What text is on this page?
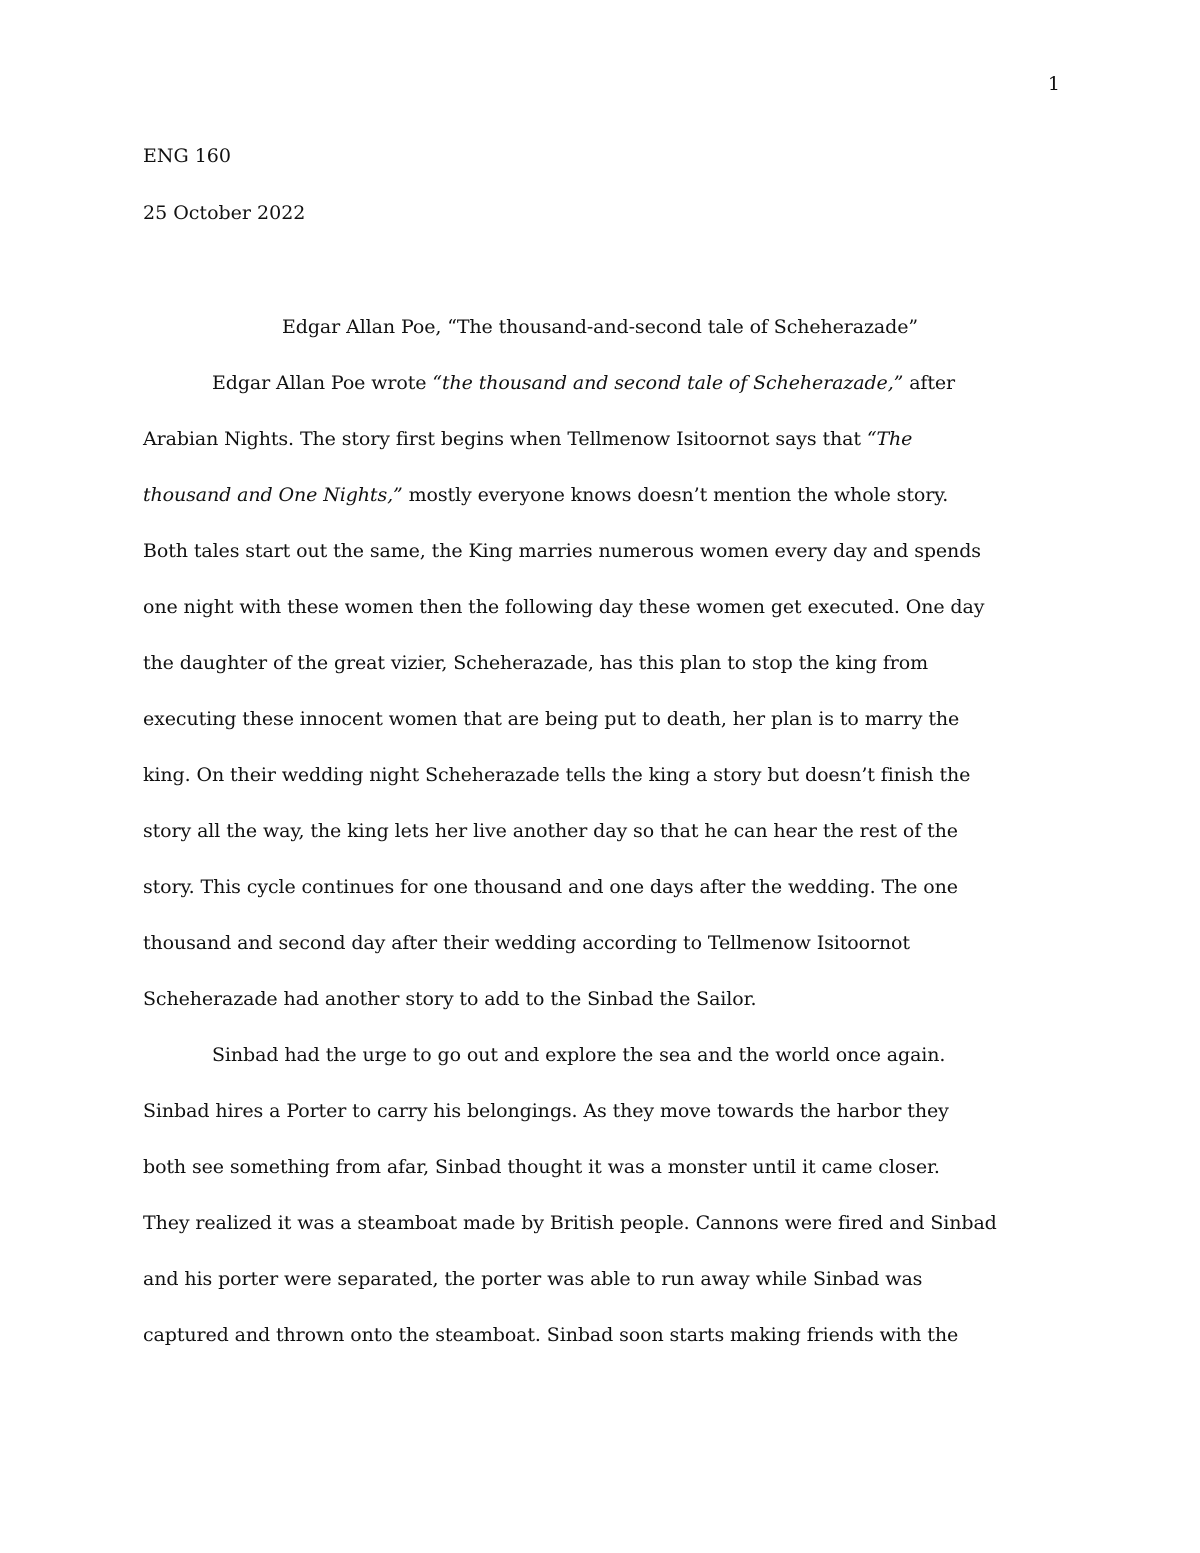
1
ENG 160
25 October 2022
Edgar Allan Poe, “The thousand-and-second tale of Scheherazade”
Edgar Allan Poe wrote “the thousand and second tale of Scheherazade,” after
Arabian Nights. The story first begins when Tellmenow Isitoornot says that “The
thousand and One Nights,” mostly everyone knows doesn’t mention the whole story.
Both tales start out the same, the King marries numerous women every day and spends
one night with these women then the following day these women get executed. One day
the daughter of the great vizier, Scheherazade, has this plan to stop the king from
executing these innocent women that are being put to death, her plan is to marry the
king. On their wedding night Scheherazade tells the king a story but doesn’t finish the
story all the way, the king lets her live another day so that he can hear the rest of the
story. This cycle continues for one thousand and one days after the wedding. The one
thousand and second day after their wedding according to Tellmenow Isitoornot
Scheherazade had another story to add to the Sinbad the Sailor.
Sinbad had the urge to go out and explore the sea and the world once again.
Sinbad hires a Porter to carry his belongings. As they move towards the harbor they
both see something from afar, Sinbad thought it was a monster until it came closer.
They realized it was a steamboat made by British people. Cannons were fired and Sinbad
and his porter were separated, the porter was able to run away while Sinbad was
captured and thrown onto the steamboat. Sinbad soon starts making friends with the
